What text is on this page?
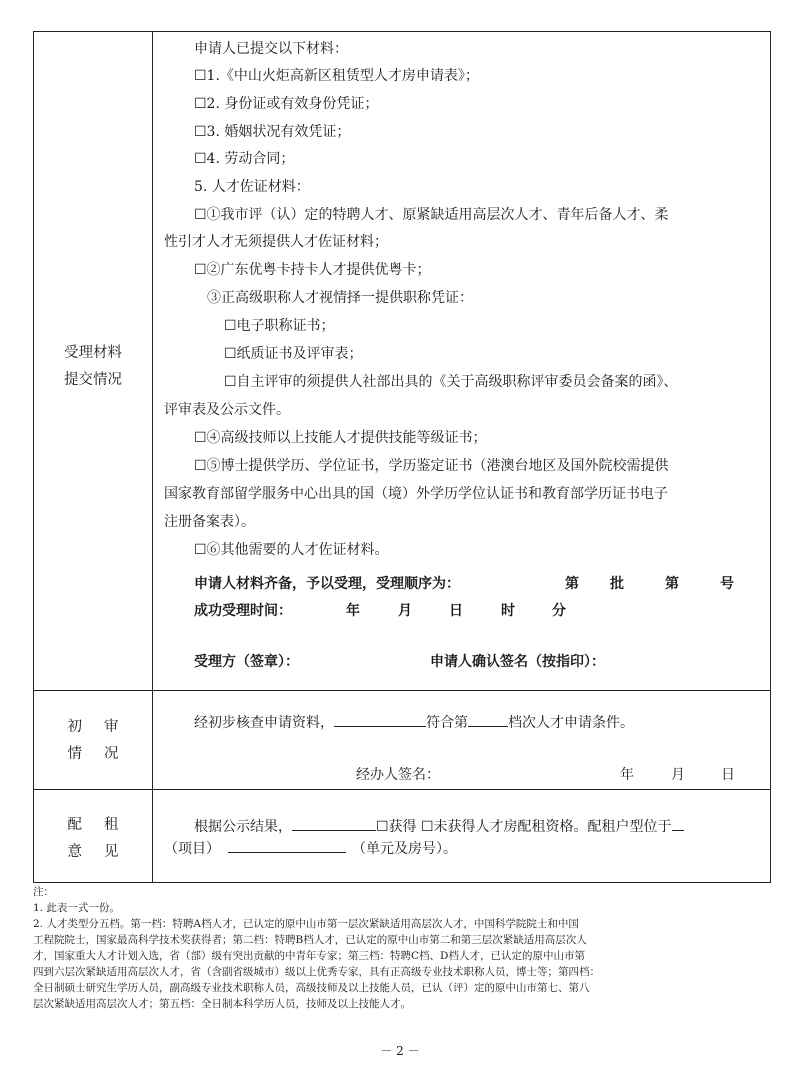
受理材料
提交情况
申请人已提交以下材料：
☐1.《中山火炬高新区租赁型人才房申请表》；
☐2. 身份证或有效身份凭证；
☐3. 婚姻状况有效凭证；
☐4. 劳动合同；
5. 人才佐证材料：
☐①我市评（认）定的特聘人才、原紧缺适用高层次人才、青年后备人才、柔
性引才人才无须提供人才佐证材料；
☐②广东优粤卡持卡人才提供优粤卡；
③正高级职称人才视情择一提供职称凭证：
☐电子职称证书；
☐纸质证书及评审表；
☐自主评审的须提供人社部出具的《关于高级职称评审委员会备案的函》、
评审表及公示文件。
☐④高级技师以上技能人才提供技能等级证书；
☐⑤博士提供学历、学位证书，学历鉴定证书（港澳台地区及国外院校需提供
国家教育部留学服务中心出具的国（境）外学历学位认证书和教育部学历证书电子
注册备案表）。
☐⑥其他需要的人才佐证材料。
申请人材料齐备，予以受理，受理顺序为：	第 批	第	号
成功受理时间：	年	月	日	时	分
受理方（签章）：	申请人确认签名（按指印）：
初审
情况
经初步核查申请资料，	符合第	档次人才申请条件。
经办人签名：	年	月	日
配租
意见
根据公示结果，	☐获得 ☐未获得人才房配租资格。配租户型位于
（项目）	（单元及房号）。

注：

1. 此表一式一份。

2. 人才类型分五档。第一档：特聘A档人才，已认定的原中山市第一层次紧缺适用高层次人才，中国科学院院士和中国

工程院院士，国家最高科学技术奖获得者；第二档：特聘B档人才，已认定的原中山市第二和第三层次紧缺适用高层次人

才，国家重大人才计划入选，省（部）级有突出贡献的中青年专家；第三档：特聘C档、D档人才，已认定的原中山市第

四到六层次紧缺适用高层次人才，省（含副省级城市）级以上优秀专家，具有正高级专业技术职称人员，博士等；第四档：

全日制硕士研究生学历人员，副高级专业技术职称人员，高级技师及以上技能人员，已认（评）定的原中山市第七、第八

层次紧缺适用高层次人才；第五档：全日制本科学历人员，技师及以上技能人才。

－ 2 －
